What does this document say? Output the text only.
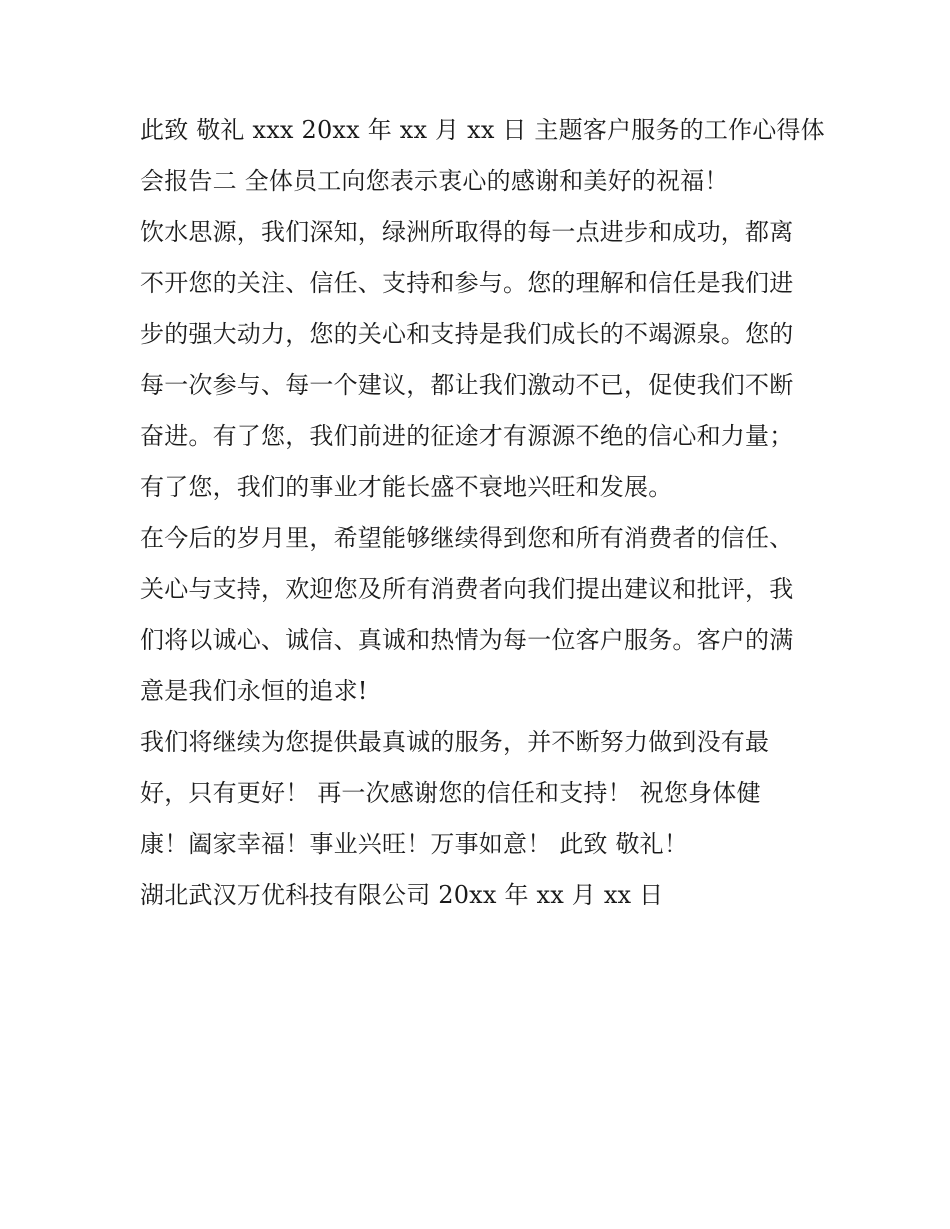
此致 敬礼 xxx 20xx 年 xx 月 xx 日 主题客户服务的工作心得体
会报告二 全体员工向您表示衷心的感谢和美好的祝福！
饮水思源，我们深知，绿洲所取得的每一点进步和成功，都离
不开您的关注、信任、支持和参与。您的理解和信任是我们进
步的强大动力，您的关心和支持是我们成长的不竭源泉。您的
每一次参与、每一个建议，都让我们激动不已，促使我们不断
奋进。有了您，我们前进的征途才有源源不绝的信心和力量；
有了您，我们的事业才能长盛不衰地兴旺和发展。
在今后的岁月里，希望能够继续得到您和所有消费者的信任、
关心与支持，欢迎您及所有消费者向我们提出建议和批评，我
们将以诚心、诚信、真诚和热情为每一位客户服务。客户的满
意是我们永恒的追求!
我们将继续为您提供最真诚的服务，并不断努力做到没有最
好，只有更好！ 再一次感谢您的信任和支持！ 祝您身体健
康！阖家幸福！事业兴旺！万事如意！ 此致 敬礼！
湖北武汉万优科技有限公司 20xx 年 xx 月 xx 日
